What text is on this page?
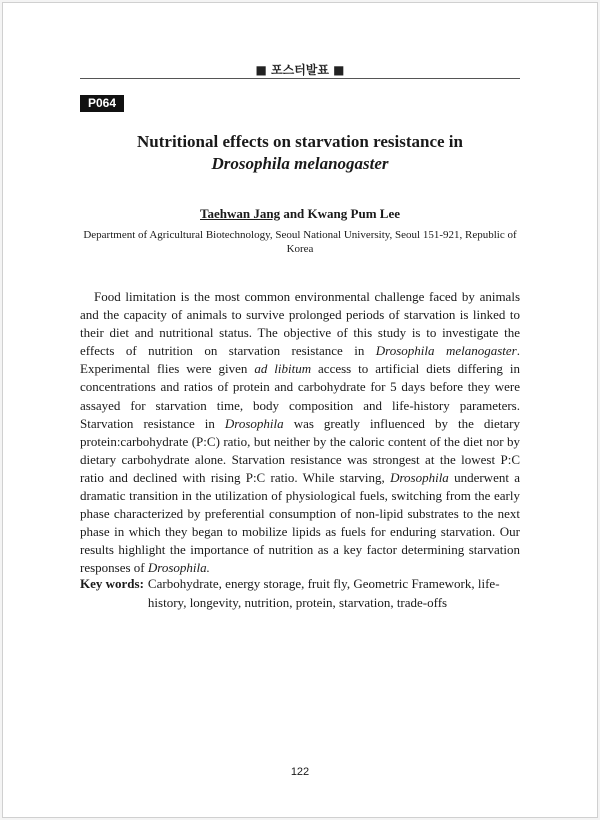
■ 포스터발표 ■
P064
Nutritional effects on starvation resistance in
Drosophila melanogaster
Taehwan Jang and Kwang Pum Lee
Department of Agricultural Biotechnology, Seoul National University, Seoul 151-921, Republic of Korea

Food limitation is the most common environmental challenge faced by animals and the capacity of animals to survive prolonged periods of starvation is linked to their diet and nutritional status. The objective of this study is to investigate the effects of nutrition on starvation resistance in Drosophila melanogaster. Experimental flies were given ad libitum access to artificial diets differing in concentrations and ratios of protein and carbohydrate for 5 days before they were assayed for starvation time, body composition and life-history parameters. Starvation resistance in Drosophila was greatly influenced by the dietary protein:carbohydrate (P:C) ratio, but neither by the caloric content of the diet nor by dietary carbohydrate alone. Starvation resistance was strongest at the lowest P:C ratio and declined with rising P:C ratio. While starving, Drosophila underwent a dramatic transition in the utilization of physiological fuels, switching from the early phase characterized by preferential consumption of non-lipid substrates to the next phase in which they began to mobilize lipids as fuels for enduring starvation. Our results highlight the importance of nutrition as a key factor determining starvation responses of Drosophila.

Key words: Carbohydrate, energy storage, fruit fly, Geometric Framework, life-history, longevity, nutrition, protein, starvation, trade-offs
122
